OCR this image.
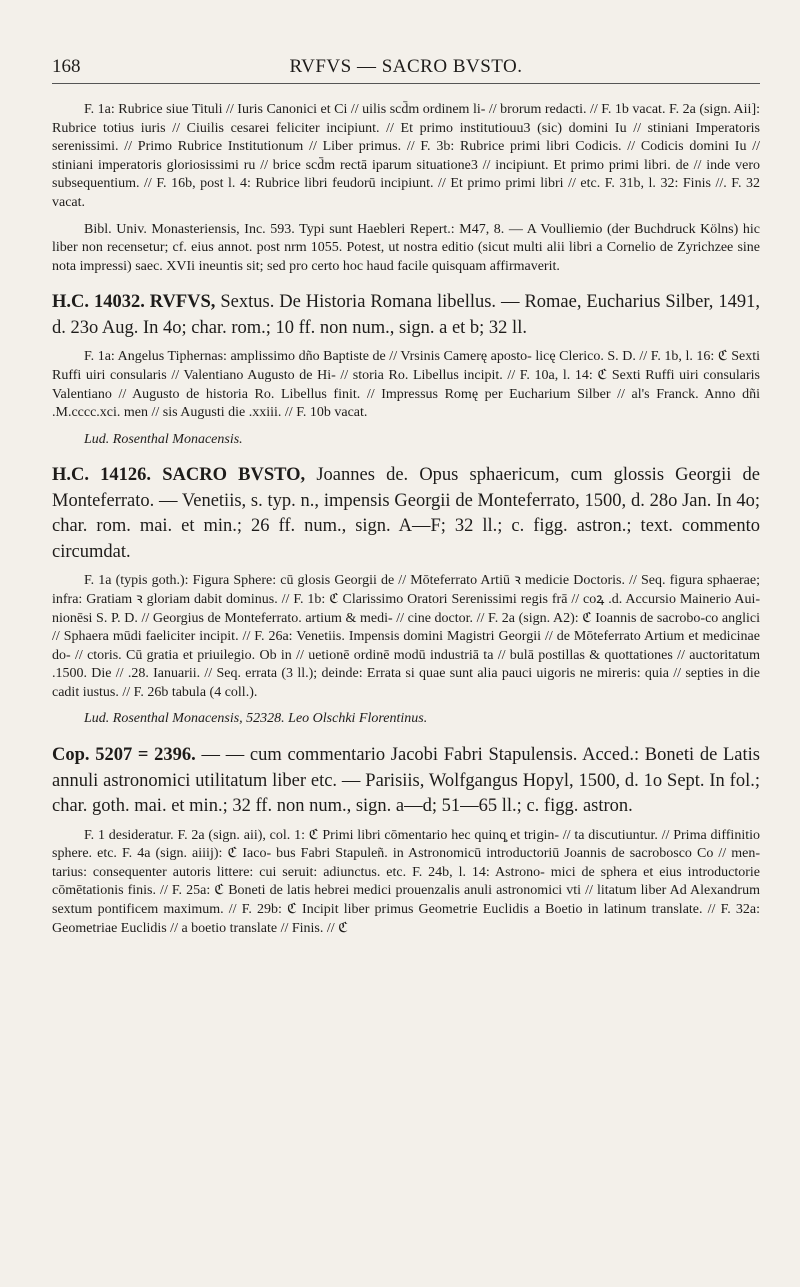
168	RVFVS — SACRO BVSTO.

F. 1a: Rubrice siue Tituli // Iuris Canonici et Ci // uilis scd̄m ordinem li- // brorum redacti. // F. 1b vacat. F. 2a (sign. Aii]: Rubrice totius iuris // Ciuilis cesarei feliciter incipiunt. // Et primo institutiouu3 (sic) domini Iu // stiniani Imperatoris serenissimi. // Primo Rubrice Institutionum // Liber primus. // F. 3b: Rubrice primi libri Codicis. // Codicis domini Iu // stiniani imperatoris gloriosissimi ru // brice scd̄m rectā iparum situatione3 // incipiunt. Et primo primi libri. de // inde vero subsequentium. // F. 16b, post l. 4: Rubrice libri feudorū incipiunt. // Et primo primi libri // etc. F. 31b, l. 32: Finis //. F. 32 vacat.

Bibl. Univ. Monasteriensis, Inc. 593. Typi sunt Haebleri Repert.: M47, 8. — A Voulliemio (der Buchdruck Kölns) hic liber non recensetur; cf. eius annot. post nrm 1055. Potest, ut nostra editio (sicut multi alii libri a Cornelio de Zyrichzee sine nota impressi) saec. XVIi ineuntis sit; sed pro certo hoc haud facile quisquam affirmaverit.

H.C. 14032. RVFVS, Sextus. De Historia Romana libellus. — Romae, Eucharius Silber, 1491, d. 23o Aug. In 4o; char. rom.; 10 ff. non num., sign. a et b; 32 ll.

F. 1a: Angelus Tiphernas: amplissimo dño Baptiste de // Vrsinis Camerę aposto- licę Clerico. S. D. // F. 1b, l. 16: ℭ Sexti Ruffi uiri consularis // Valentiano Augusto de Hi- // storia Ro. Libellus incipit. // F. 10a, l. 14: ℭ Sexti Ruffi uiri consularis Valentiano // Augusto de historia Ro. Libellus finit. // Impressus Romę per Eucharium Silber // al's Franck. Anno dñi .M.cccc.xci. men // sis Augusti die .xxiii. // F. 10b vacat.

Lud. Rosenthal Monacensis.

H.C. 14126. SACRO BVSTO, Joannes de. Opus sphaericum, cum glossis Georgii de Monteferrato. — Venetiis, s. typ. n., impensis Georgii de Monteferrato, 1500, d. 28o Jan. In 4o; char. rom. mai. et min.; 26 ff. num., sign. A—F; 32 ll.; c. figg. astron.; text. commento circumdat.

F. 1a (typis goth.): Figura Sphere: cū glosis Georgii de // Mōteferrato Artiū ꝛ medicie Doctoris. // Seq. figura sphaerae; infra: Gratiam ꝛ gloriam dabit dominus. // F. 1b: ℭ Clarissimo Oratori Serenissimi regis frā // coꝝ .d. Accursio Mainerio Aui- nionēsi S. P. D. // Georgius de Monteferrato. artium & medi- // cine doctor. // F. 2a (sign. A2): ℭ Ioannis de sacrobo-co anglici // Sphaera mūdi faeliciter incipit. // F. 26a: Venetiis. Impensis domini Magistri Georgii // de Mōteferrato Artium et medicinae do- // ctoris. Cū gratia et priuilegio. Ob in // uetionē ordinē modū industriā ta // bulā postillas & quottationes // auctoritatum .1500. Die // .28. Ianuarii. // Seq. errata (3 ll.); deinde: Errata si quae sunt alia pauci uigoris ne mireris: quia // septies in die cadit iustus. // F. 26b tabula (4 coll.).

Lud. Rosenthal Monacensis, 52328. Leo Olschki Florentinus.

Cop. 5207 = 2396. — — cum commentario Jacobi Fabri Stapulensis. Acced.: Boneti de Latis annuli astronomici utilitatum liber etc. — Parisiis, Wolfgangus Hopyl, 1500, d. 1o Sept. In fol.; char. goth. mai. et min.; 32 ff. non num., sign. a—d; 51—65 ll.; c. figg. astron.

F. 1 desideratur. F. 2a (sign. aii), col. 1: ℭ Primi libri cōmentario hec quinq̧ et trigin- // ta discutiuntur. // Prima diffinitio sphere. etc. F. 4a (sign. aiiij): ℭ Iaco- bus Fabri Stapuleñ. in Astronomicū introductoriū Joannis de sacrobosco Co // men- tarius: consequenter autoris littere: cui seruit: adiunctus. etc. F. 24b, l. 14: Astrono- mici de sphera et eius introductorie cōmētationis finis. // F. 25a: ℭ Boneti de latis hebrei medici prouenzalis anuli astronomici vti // litatum liber Ad Alexandrum sextum pontificem maximum. // F. 29b: ℭ Incipit liber primus Geometrie Euclidis a Boetio in latinum translate. // F. 32a: Geometriae Euclidis // a boetio translate // Finis. // ℭ
